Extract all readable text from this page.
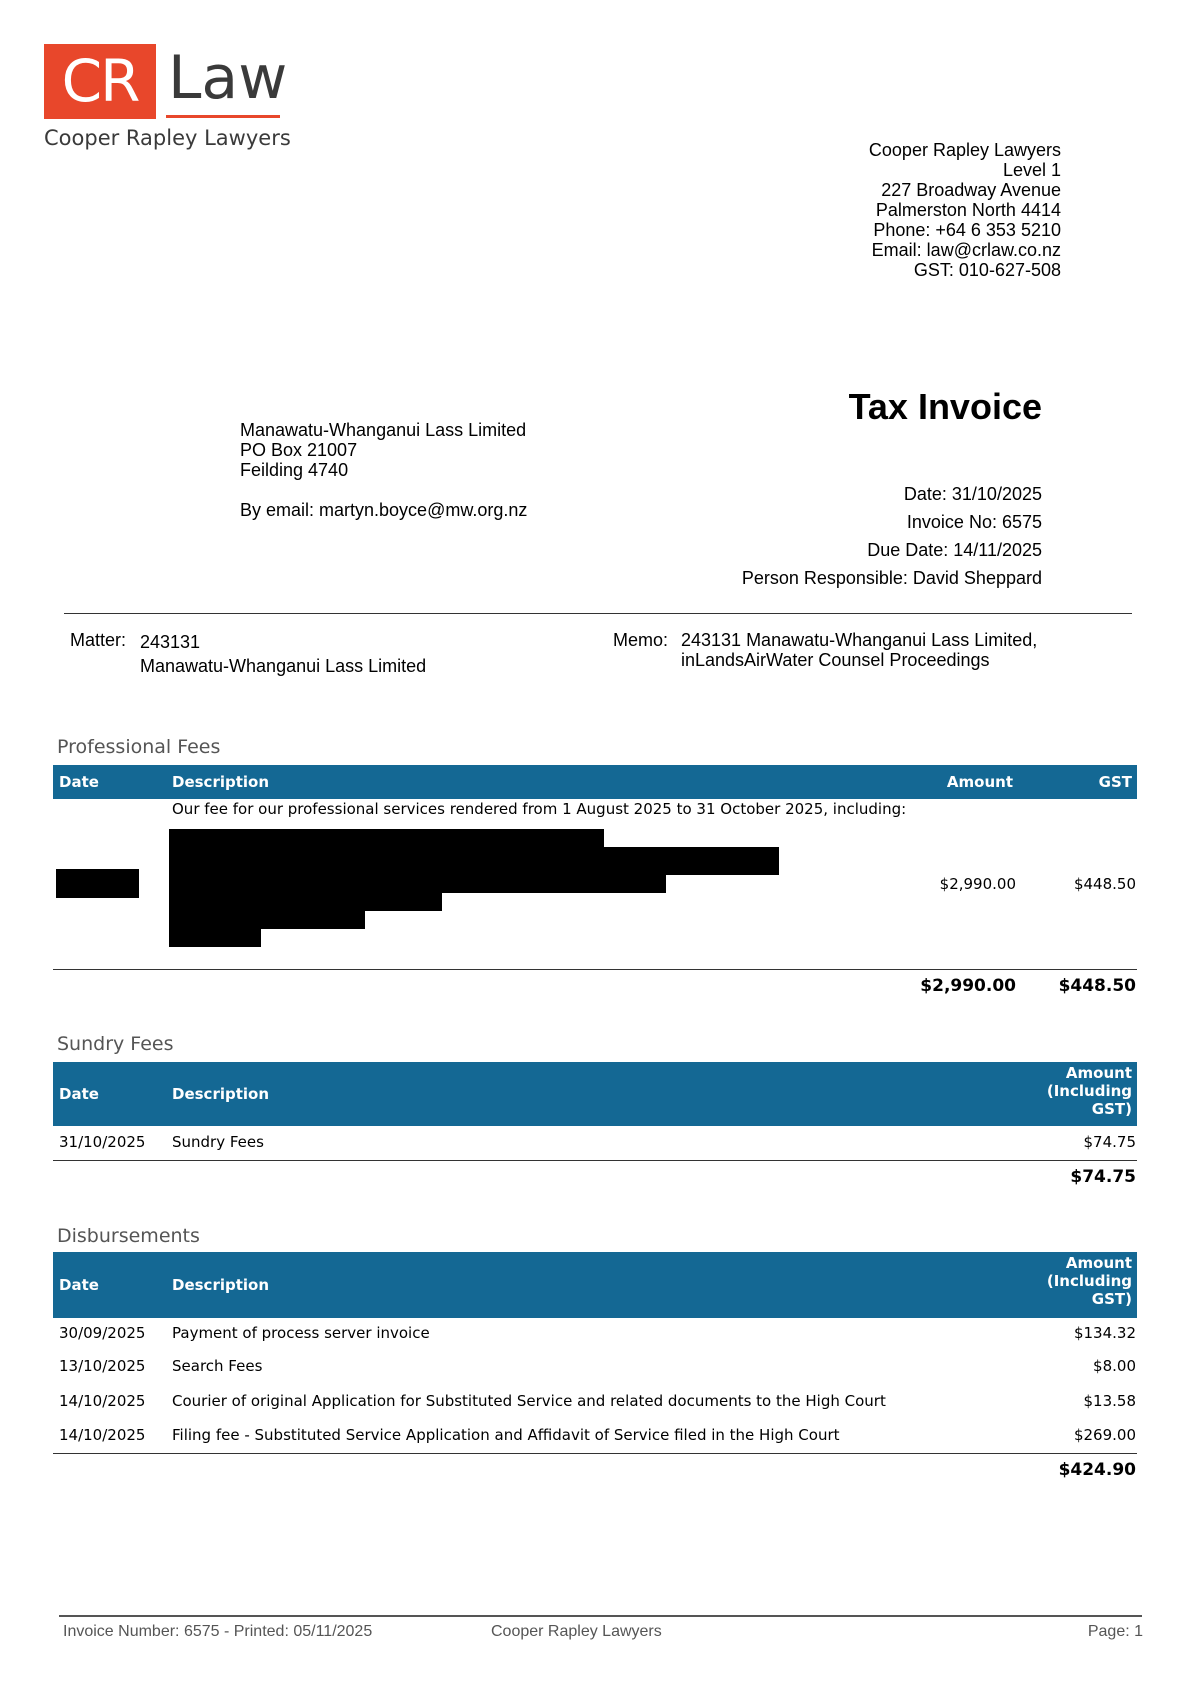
CR Law
Cooper Rapley Lawyers	Cooper Rapley Lawyers
Level 1
227 Broadway Avenue
Palmerston North 4414
Phone: +64 6 353 5210
Email: law@crlaw.co.nz
GST: 010-627-508
Tax Invoice
Manawatu-Whanganui Lass Limited
PO Box 21007
Feilding 4740
By email: martyn.boyce@mw.org.nz
Date: 31/10/2025
Invoice No: 6575
Due Date: 14/11/2025
Person Responsible: David Sheppard
Matter: 243131
Manawatu-Whanganui Lass Limited
Memo: 243131 Manawatu-Whanganui Lass Limited,
inLandsAirWater Counsel Proceedings
Professional Fees
Date	Description	Amount	GST
Our fee for our professional services rendered from 1 August 2025 to 31 October 2025, including:
$2,990.00	$448.50
$2,990.00	$448.50
Sundry Fees
Date	Description
Amount
(Including
GST)
31/10/2025 Sundry Fees	$74.75
$74.75
Disbursements
Date	Description
Amount
(Including
GST)
30/09/2025 Payment of process server invoice	$134.32
13/10/2025 Search Fees	$8.00
14/10/2025 Courier of original Application for Substituted Service and related documents to the High Court	$13.58
14/10/2025 Filing fee - Substituted Service Application and Affidavit of Service filed in the High Court	$269.00
$424.90
Invoice Number: 6575 - Printed: 05/11/2025	Cooper Rapley Lawyers	Page: 1
